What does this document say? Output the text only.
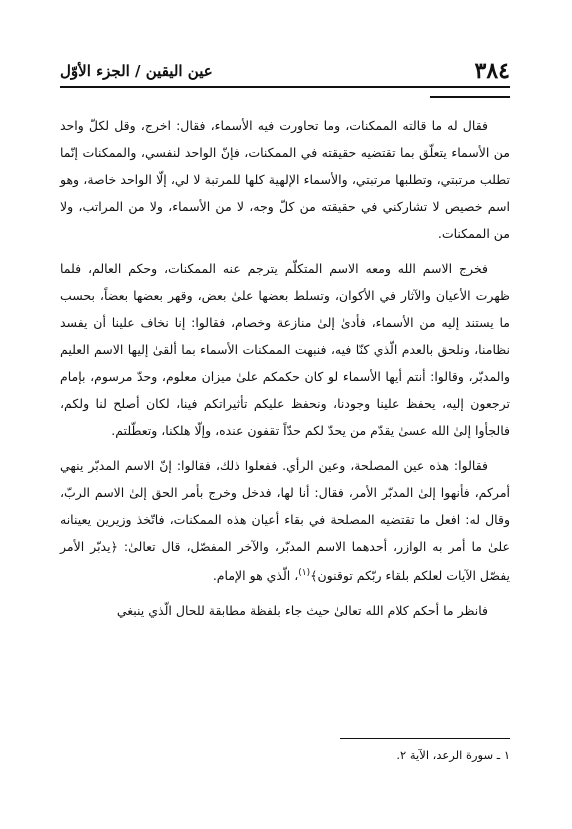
عين اليقين / الجزء الأوّل	٣٨٤

فقال له ما قالته الممكنات، وما تحاورت فيه الأسماء، فقال: اخرج، وقل لكلّ واحد من الأسماء يتعلّق بما تقتضيه حقيقته في الممكنات، فإنّ الواحد لنفسي، والممكنات إنّما تطلب مرتبتي، وتطلبها مرتبتي، والأسماء الإلهية كلها للمرتبة لا لي، إلّا الواحد خاصة، وهو اسم خصيص لا تشاركني في حقيقته من كلّ وجه، لا من الأسماء، ولا من المراتب، ولا من الممكنات.

فخرج الاسم الله ومعه الاسم المتكلّم يترجم عنه الممكنات، وحكم العالم، فلما ظهرت الأعيان والآثار في الأكوان، وتسلط بعضها علىٰ بعض، وقهر بعضها بعضاً، بحسب ما يستند إليه من الأسماء، فأدىٰ إلىٰ منازعة وخصام، فقالوا: إنا نخاف علينا أن يفسد نظامنا، ونلحق بالعدم الّذي كنّا فيه، فنبهت الممكنات الأسماء بما ألقىٰ إليها الاسم العليم والمدبّر، وقالوا: أنتم أيها الأسماء لو كان حكمكم علىٰ ميزان معلوم، وحدّ مرسوم، بإمام ترجعون إليه، يحفظ علينا وجودنا، ونحفظ عليكم تأثيراتكم فينا، لكان أصلح لنا ولكم، فالجأوا إلىٰ الله عسىٰ يقدّم من يحدّ لكم حدّاً تقفون عنده، وإلّا هلكنا، وتعطّلتم.

فقالوا: هذه عين المصلحة، وعين الرأي. ففعلوا ذلك، فقالوا: إنّ الاسم المدبّر ينهي أمركم، فأنهوا إلىٰ المدبّر الأمر، فقال: أنا لها، فدخل وخرج بأمر الحق إلىٰ الاسم الربّ، وقال له: افعل ما تقتضيه المصلحة في بقاء أعيان هذه الممكنات، فاتّخذ وزيرين يعينانه علىٰ ما أمر به الوازر، أحدهما الاسم المدبّر، والآخر المفصّل، قال تعالىٰ: ﴿يدبّر الأمر يفصّل الآيات لعلكم بلقاء ربّكم توقنون﴾$^{(١)}$، الّذي هو الإمام.

فانظر ما أحكم كلام الله تعالىٰ حيث جاء بلفظة مطابقة للحال الّذي ينبغي

١ ـ سورة الرعد، الآية ٢.
